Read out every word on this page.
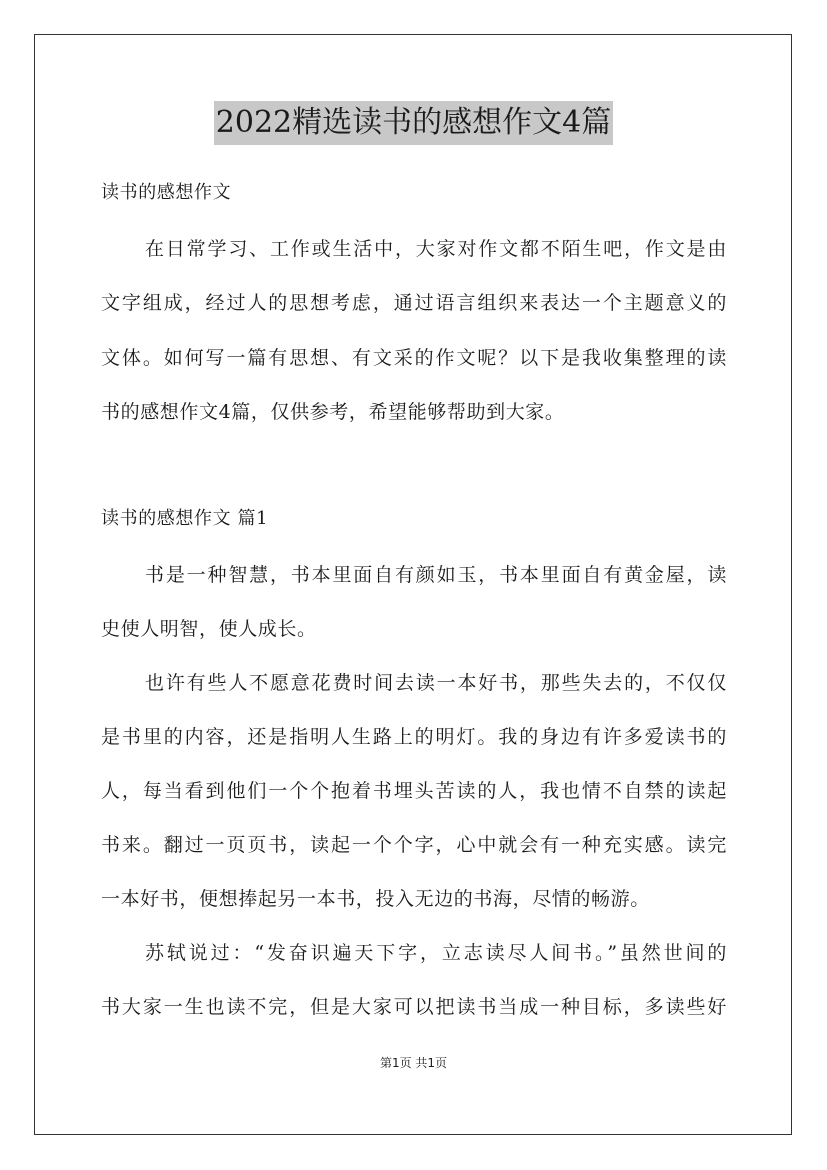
2022精选读书的感想作文4篇
读书的感想作文
在日常学习、工作或生活中，大家对作文都不陌生吧，作文是由
文字组成，经过人的思想考虑，通过语言组织来表达一个主题意义的
文体。如何写一篇有思想、有文采的作文呢？以下是我收集整理的读
书的感想作文4篇，仅供参考，希望能够帮助到大家。
读书的感想作文 篇1
书是一种智慧，书本里面自有颜如玉，书本里面自有黄金屋，读
史使人明智，使人成长。
也许有些人不愿意花费时间去读一本好书，那些失去的，不仅仅
是书里的内容，还是指明人生路上的明灯。我的身边有许多爱读书的
人，每当看到他们一个个抱着书埋头苦读的人，我也情不自禁的读起
书来。翻过一页页书，读起一个个字，心中就会有一种充实感。读完
一本好书，便想捧起另一本书，投入无边的书海，尽情的畅游。
苏轼说过：“发奋识遍天下字，立志读尽人间书。”虽然世间的
书大家一生也读不完，但是大家可以把读书当成一种目标，多读些好
第1页 共1页
